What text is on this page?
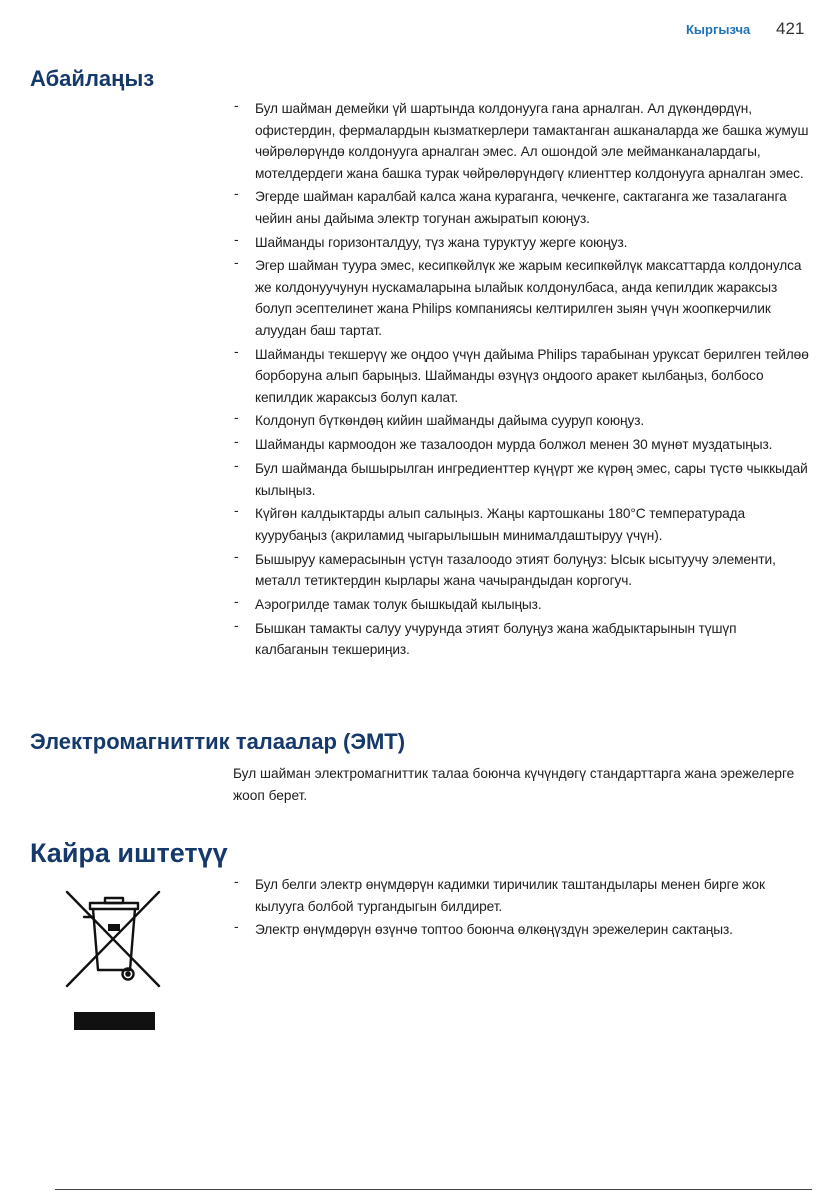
Кыргызча 421
Абайлаңыз
- Бул шайман демейки үй шартында колдонууга гана арналган. Ал дүкөндөрдүн, офистердин, фермалардын кызматкерлери тамактанган ашканаларда же башка жумуш чөйрөлөрүндө колдонууга арналган эмес. Ал ошондой эле мейманканалардагы, мотелдердеги жана башка турак чөйрөлөрүндөгү клиенттер колдонууга арналган эмес.
- Эгерде шайман каралбай калса жана кураганга, чечкенге, сактаганга же тазалаганга чейин аны дайыма электр тогунан ажыратып коюңуз.
- Шайманды горизонталдуу, түз жана туруктуу жерге коюңуз.
- Эгер шайман туура эмес, кесипкөйлүк же жарым кесипкөйлүк максаттарда колдонулса же колдонуучунун нускамаларына ылайык колдонулбаса, анда кепилдик жараксыз болуп эсептелинет жана Philips компаниясы келтирилген зыян үчүн жоопкерчилик алуудан баш тартат.
- Шайманды текшерүү же оңдоо үчүн дайыма Philips тарабынан уруксат берилген тейлөө борборуна алып барыңыз. Шайманды өзүңүз оңдоого аракет кылбаңыз, болбосо кепилдик жараксыз болуп калат.
- Колдонуп бүткөндөң кийин шайманды дайыма сууруп коюңуз.
- Шайманды кармоодон же тазалоодон мурда болжол менен 30 мүнөт муздатыңыз.
- Бул шайманда бышырылган ингредиенттер күңүрт же күрөң эмес, сары түстө чыккыдай кылыңыз.
- Күйгөн калдыктарды алып салыңыз. Жаңы картошканы 180°C температурада куурубаңыз (акриламид чыгарылышын минималдаштыруу үчүн).
- Бышыруу камерасынын үстүн тазалоодо этият болуңуз: Ысык ысытуучу элементи, металл тетиктердин кырлары жана чачырандыдан коргогуч.
- Аэрогрилде тамак толук бышкыдай кылыңыз.
- Бышкан тамакты салуу учурунда этият болуңуз жана жабдыктарынын түшүп калбаганын текшериңиз.
Электромагниттик талаалар (ЭМТ)

Бул шайман электромагниттик талаа боюнча күчүндөгү стандарттарга жана эрежелерге жооп берет.

Кайра иштетүү
- Бул белги электр өнүмдөрүн кадимки тиричилик таштандылары менен бирге жок кылууга болбой тургандыгын билдирет.
- Электр өнүмдөрүн өзүнчө топтоо боюнча өлкөңүздүн эрежелерин сактаңыз.
